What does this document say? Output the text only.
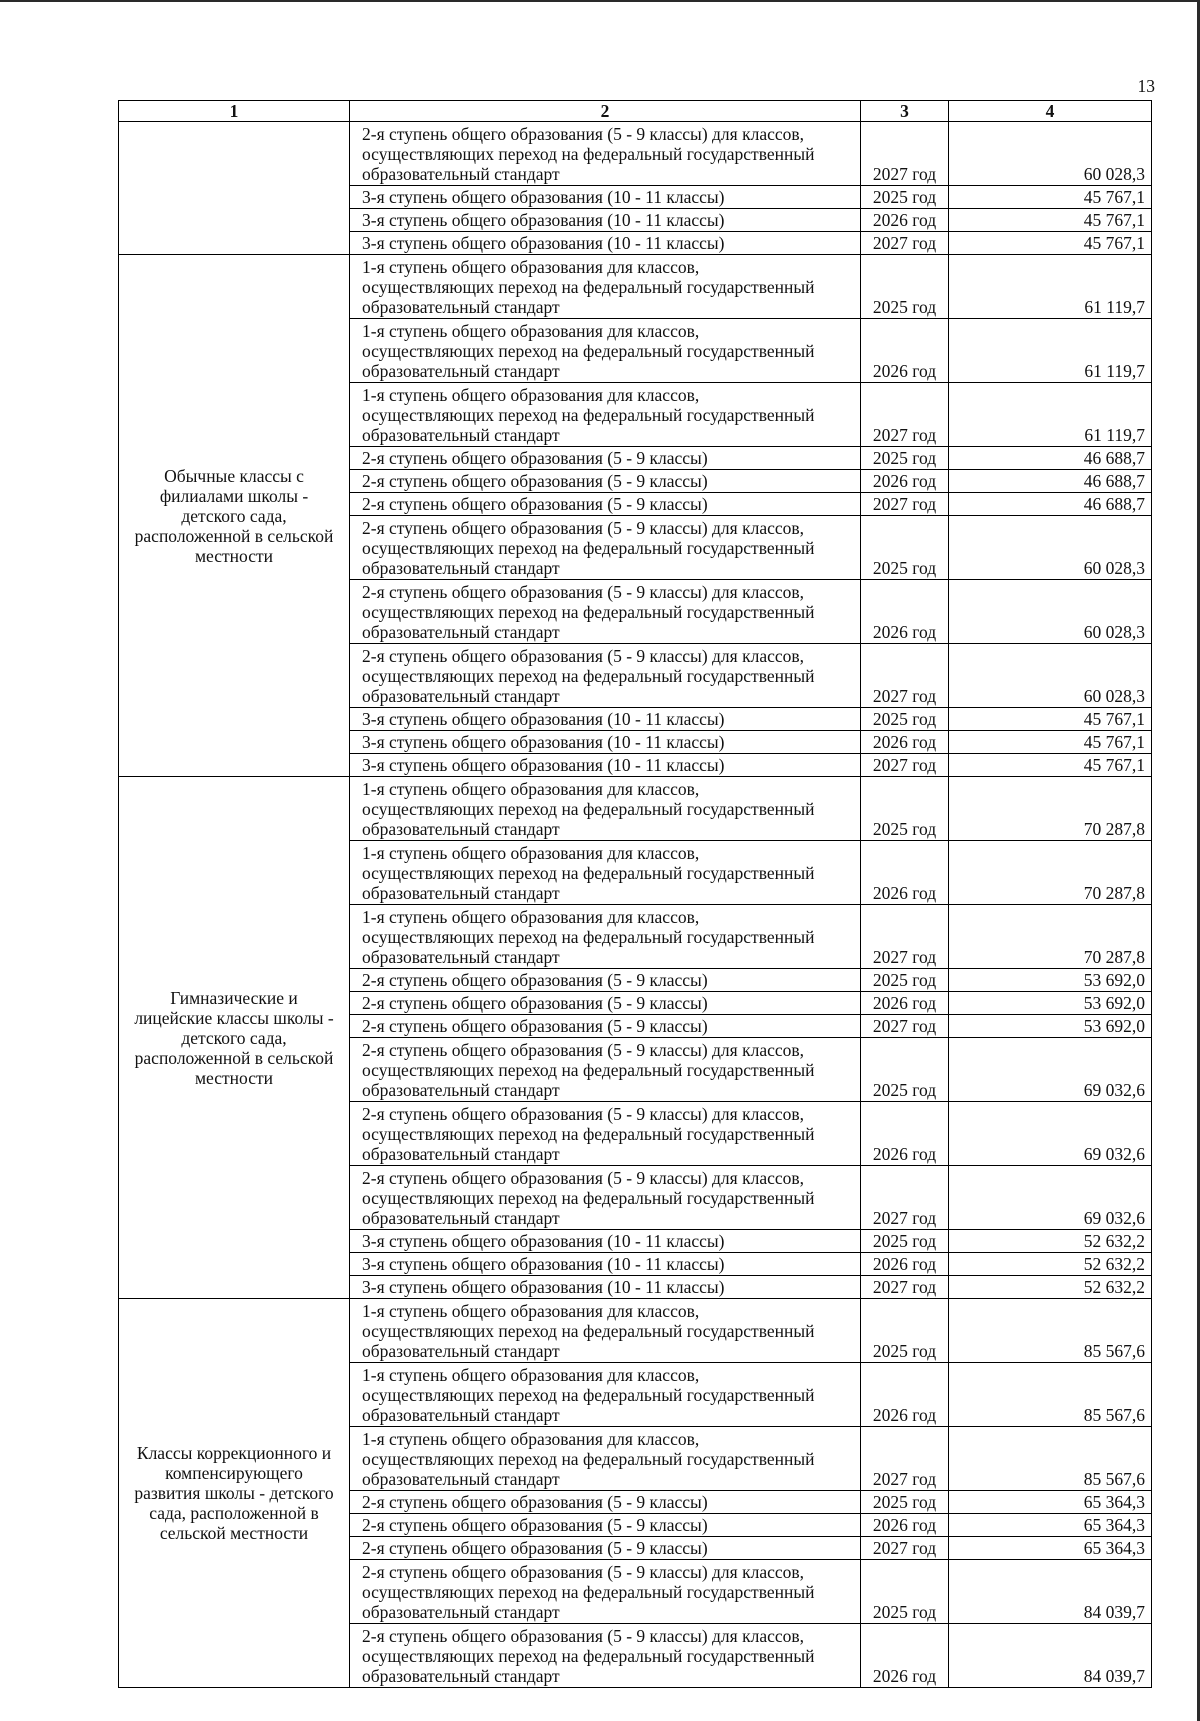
13
1	2	3	4
	2-я ступень общего образования (5 - 9 классы) для классов,
осуществляющих переход на федеральный государственный
образовательный стандарт	2027 год	60 028,3
	3-я ступень общего образования (10 - 11 классы)	2025 год	45 767,1
	3-я ступень общего образования (10 - 11 классы)	2026 год	45 767,1
	3-я ступень общего образования (10 - 11 классы)	2027 год	45 767,1
Обычные классы с
филиалами школы -
детского сада,
расположенной в сельской
местности	1-я ступень общего образования для классов,
осуществляющих переход на федеральный государственный
образовательный стандарт	2025 год	61 119,7
	1-я ступень общего образования для классов,
осуществляющих переход на федеральный государственный
образовательный стандарт	2026 год	61 119,7
	1-я ступень общего образования для классов,
осуществляющих переход на федеральный государственный
образовательный стандарт	2027 год	61 119,7
	2-я ступень общего образования (5 - 9 классы)	2025 год	46 688,7
	2-я ступень общего образования (5 - 9 классы)	2026 год	46 688,7
	2-я ступень общего образования (5 - 9 классы)	2027 год	46 688,7
	2-я ступень общего образования (5 - 9 классы) для классов,
осуществляющих переход на федеральный государственный
образовательный стандарт	2025 год	60 028,3
	2-я ступень общего образования (5 - 9 классы) для классов,
осуществляющих переход на федеральный государственный
образовательный стандарт	2026 год	60 028,3
	2-я ступень общего образования (5 - 9 классы) для классов,
осуществляющих переход на федеральный государственный
образовательный стандарт	2027 год	60 028,3
	3-я ступень общего образования (10 - 11 классы)	2025 год	45 767,1
	3-я ступень общего образования (10 - 11 классы)	2026 год	45 767,1
	3-я ступень общего образования (10 - 11 классы)	2027 год	45 767,1
Гимназические и
лицейские классы школы -
детского сада,
расположенной в сельской
местности	1-я ступень общего образования для классов,
осуществляющих переход на федеральный государственный
образовательный стандарт	2025 год	70 287,8
	1-я ступень общего образования для классов,
осуществляющих переход на федеральный государственный
образовательный стандарт	2026 год	70 287,8
	1-я ступень общего образования для классов,
осуществляющих переход на федеральный государственный
образовательный стандарт	2027 год	70 287,8
	2-я ступень общего образования (5 - 9 классы)	2025 год	53 692,0
	2-я ступень общего образования (5 - 9 классы)	2026 год	53 692,0
	2-я ступень общего образования (5 - 9 классы)	2027 год	53 692,0
	2-я ступень общего образования (5 - 9 классы) для классов,
осуществляющих переход на федеральный государственный
образовательный стандарт	2025 год	69 032,6
	2-я ступень общего образования (5 - 9 классы) для классов,
осуществляющих переход на федеральный государственный
образовательный стандарт	2026 год	69 032,6
	2-я ступень общего образования (5 - 9 классы) для классов,
осуществляющих переход на федеральный государственный
образовательный стандарт	2027 год	69 032,6
	3-я ступень общего образования (10 - 11 классы)	2025 год	52 632,2
	3-я ступень общего образования (10 - 11 классы)	2026 год	52 632,2
	3-я ступень общего образования (10 - 11 классы)	2027 год	52 632,2
Классы коррекционного и
компенсирующего
развития школы - детского
сада, расположенной в
сельской местности	1-я ступень общего образования для классов,
осуществляющих переход на федеральный государственный
образовательный стандарт	2025 год	85 567,6
	1-я ступень общего образования для классов,
осуществляющих переход на федеральный государственный
образовательный стандарт	2026 год	85 567,6
	1-я ступень общего образования для классов,
осуществляющих переход на федеральный государственный
образовательный стандарт	2027 год	85 567,6
	2-я ступень общего образования (5 - 9 классы)	2025 год	65 364,3
	2-я ступень общего образования (5 - 9 классы)	2026 год	65 364,3
	2-я ступень общего образования (5 - 9 классы)	2027 год	65 364,3
	2-я ступень общего образования (5 - 9 классы) для классов,
осуществляющих переход на федеральный государственный
образовательный стандарт	2025 год	84 039,7
	2-я ступень общего образования (5 - 9 классы) для классов,
осуществляющих переход на федеральный государственный
образовательный стандарт	2026 год	84 039,7
